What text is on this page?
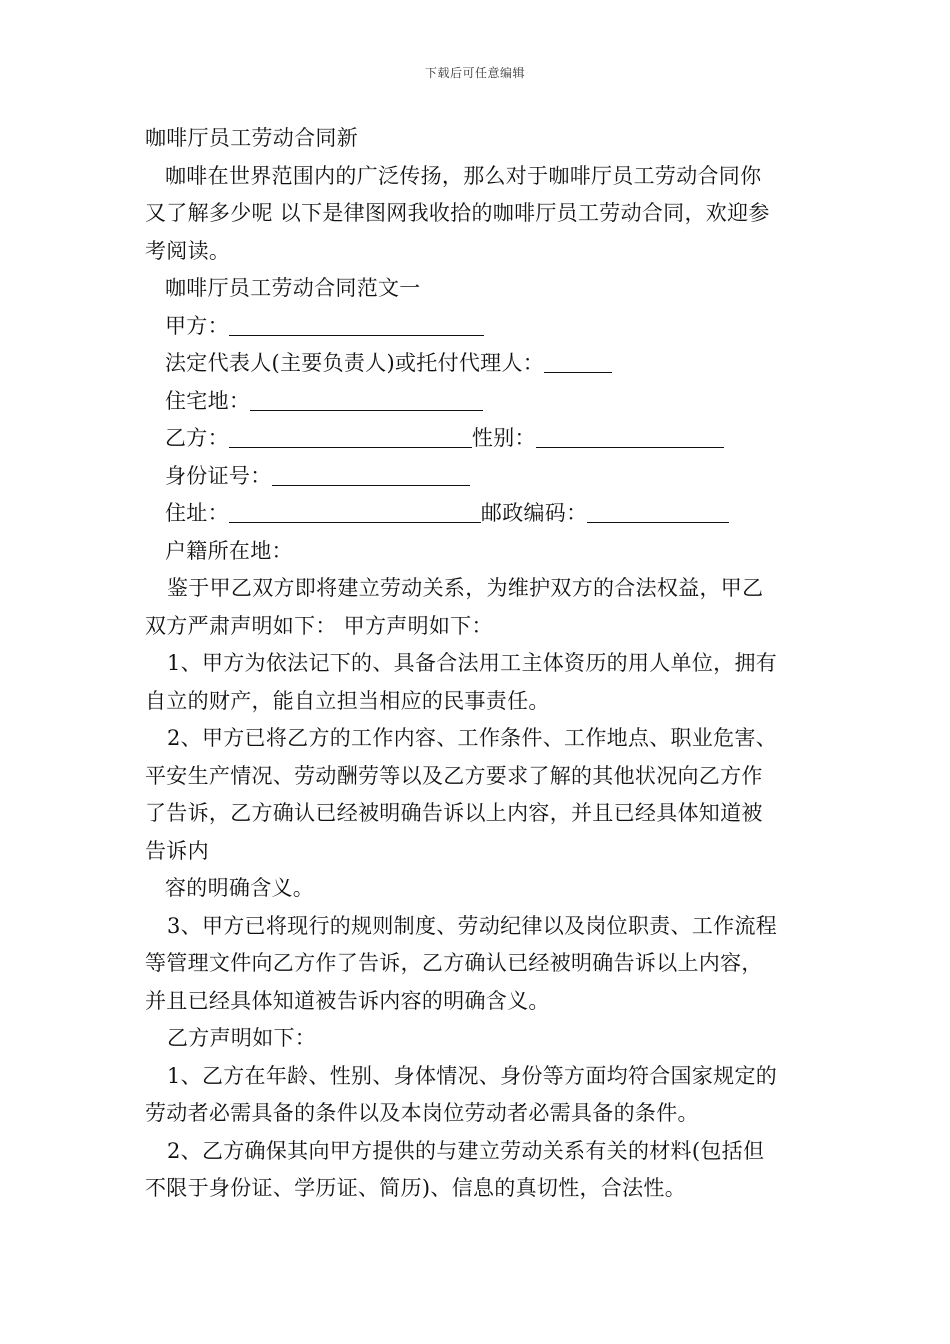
下载后可任意编辑
咖啡厅员工劳动合同新
咖啡在世界范围内的广泛传扬，那么对于咖啡厅员工劳动合同你
又了解多少呢 以下是律图网我收拾的咖啡厅员工劳动合同，欢迎参
考阅读。
咖啡厅员工劳动合同范文一
甲方：
法定代表人(主要负责人)或托付代理人：
住宅地：
乙方：	性别：
身份证号：
住址：	邮政编码：
户籍所在地：
鉴于甲乙双方即将建立劳动关系，为维护双方的合法权益，甲乙
双方严肃声明如下： 甲方声明如下：
1、甲方为依法记下的、具备合法用工主体资历的用人单位，拥有
自立的财产，能自立担当相应的民事责任。
2、甲方已将乙方的工作内容、工作条件、工作地点、职业危害、
平安生产情况、劳动酬劳等以及乙方要求了解的其他状况向乙方作
了告诉，乙方确认已经被明确告诉以上内容，并且已经具体知道被
告诉内
容的明确含义。
3、甲方已将现行的规则制度、劳动纪律以及岗位职责、工作流程
等管理文件向乙方作了告诉，乙方确认已经被明确告诉以上内容，
并且已经具体知道被告诉内容的明确含义。
乙方声明如下：
1、乙方在年龄、性别、身体情况、身份等方面均符合国家规定的
劳动者必需具备的条件以及本岗位劳动者必需具备的条件。
2、乙方确保其向甲方提供的与建立劳动关系有关的材料(包括但
不限于身份证、学历证、简历)、信息的真切性，合法性。
